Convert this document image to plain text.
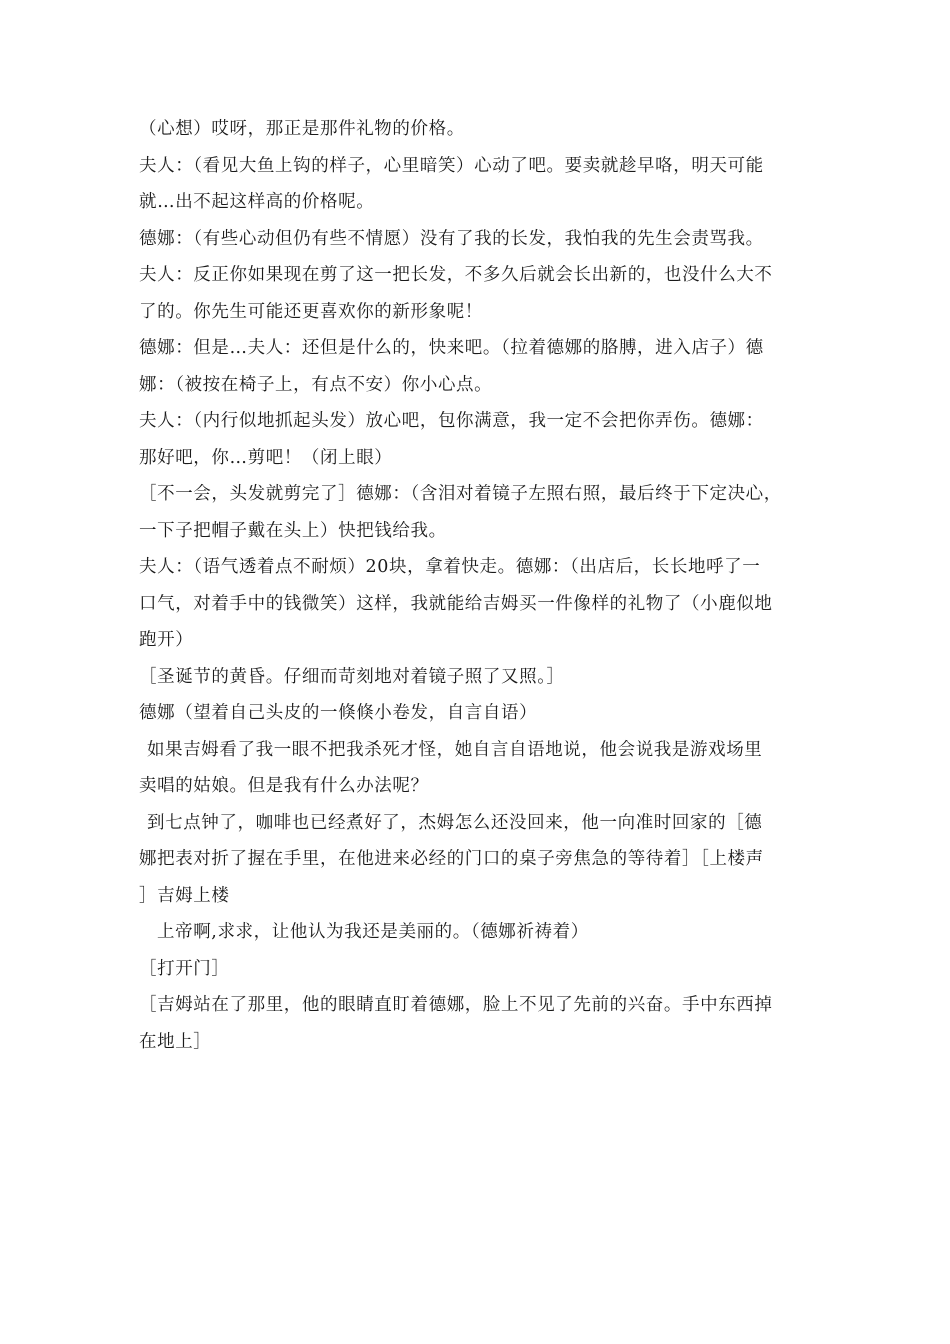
（心想）哎呀，那正是那件礼物的价格。
夫人：（看见大鱼上钩的样子，心里暗笑）心动了吧。要卖就趁早咯，明天可能
就…出不起这样高的价格呢。
德娜：（有些心动但仍有些不情愿）没有了我的长发，我怕我的先生会责骂我。
夫人：反正你如果现在剪了这一把长发，不多久后就会长出新的，也没什么大不
了的。你先生可能还更喜欢你的新形象呢！
德娜：但是…夫人：还但是什么的，快来吧。（拉着德娜的胳膊，进入店子）德
娜：（被按在椅子上，有点不安）你小心点。
夫人：（内行似地抓起头发）放心吧，包你满意，我一定不会把你弄伤。德娜：
那好吧，你…剪吧！（闭上眼）
［不一会，头发就剪完了］德娜：（含泪对着镜子左照右照，最后终于下定决心，
一下子把帽子戴在头上）快把钱给我。
夫人：（语气透着点不耐烦）20块，拿着快走。德娜：（出店后，长长地呼了一
口气，对着手中的钱微笑）这样，我就能给吉姆买一件像样的礼物了（小鹿似地
跑开）
［圣诞节的黄昏。仔细而苛刻地对着镜子照了又照。］
德娜（望着自己头皮的一倏倏小卷发，自言自语）
如果吉姆看了我一眼不把我杀死才怪，她自言自语地说，他会说我是游戏场里
卖唱的姑娘。但是我有什么办法呢？
到七点钟了，咖啡也已经煮好了，杰姆怎么还没回来，他一向准时回家的［德
娜把表对折了握在手里，在他进来必经的门口的桌子旁焦急的等待着］［上楼声
］吉姆上楼
上帝啊,求求，让他认为我还是美丽的。（德娜祈祷着）
［打开门］
［吉姆站在了那里，他的眼睛直盯着德娜，脸上不见了先前的兴奋。手中东西掉
在地上］
